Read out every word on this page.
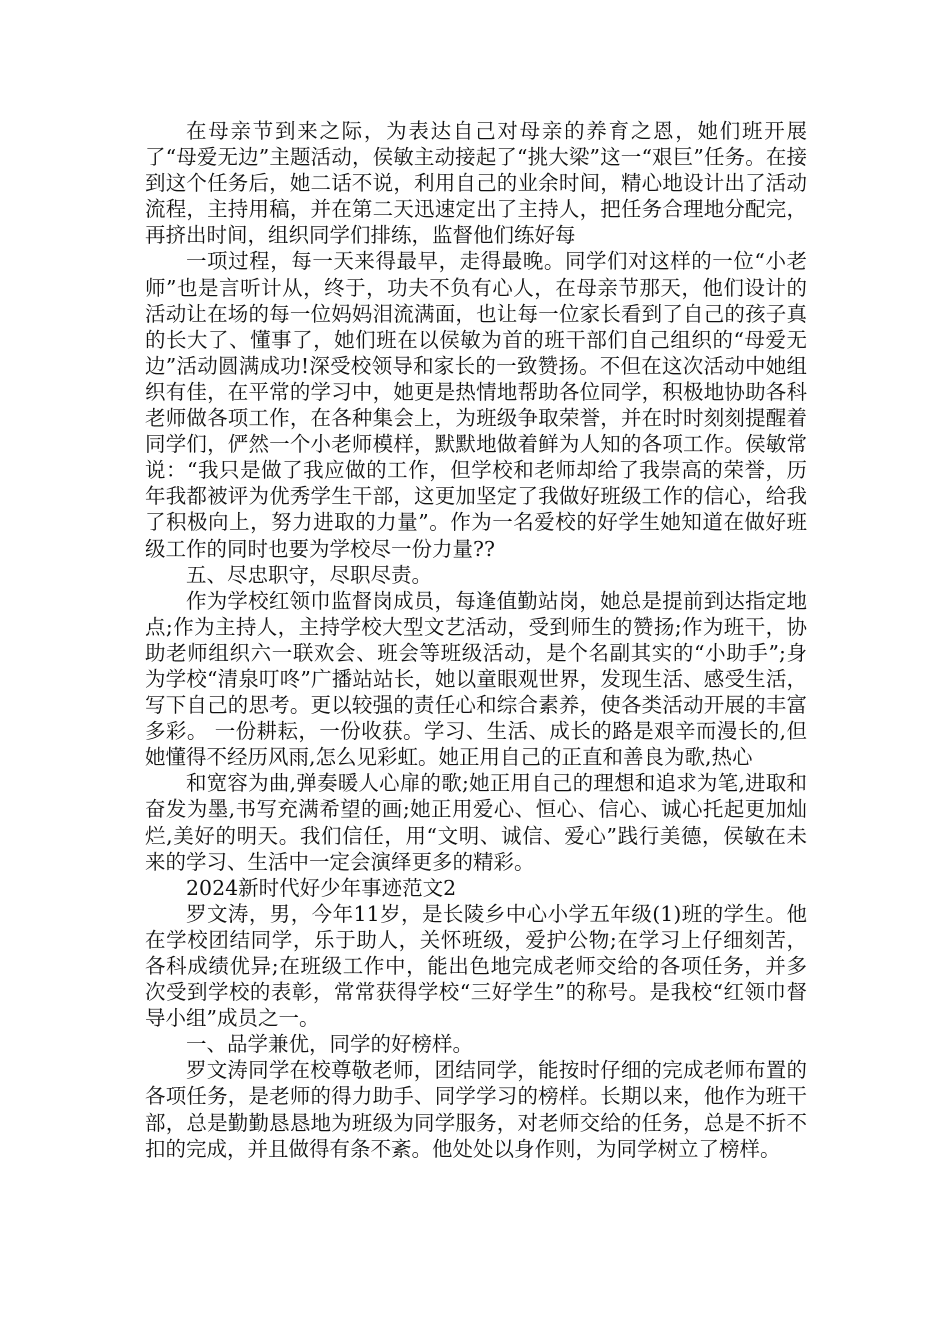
在母亲节到来之际，为表达自己对母亲的养育之恩，她们班开展了“母爱无边”主题活动，侯敏主动接起了“挑大梁”这一“艰巨”任务。在接到这个任务后，她二话不说，利用自己的业余时间，精心地设计出了活动流程，主持用稿，并在第二天迅速定出了主持人，把任务合理地分配完，再挤出时间，组织同学们排练，监督他们练好每

一项过程，每一天来得最早，走得最晚。同学们对这样的一位“小老师”也是言听计从，终于，功夫不负有心人，在母亲节那天，他们设计的活动让在场的每一位妈妈泪流满面，也让每一位家长看到了自己的孩子真的长大了、懂事了，她们班在以侯敏为首的班干部们自己组织的“母爱无边”活动圆满成功!深受校领导和家长的一致赞扬。不但在这次活动中她组织有佳，在平常的学习中，她更是热情地帮助各位同学，积极地协助各科老师做各项工作，在各种集会上，为班级争取荣誉，并在时时刻刻提醒着同学们，俨然一个小老师模样，默默地做着鲜为人知的各项工作。侯敏常说：“我只是做了我应做的工作，但学校和老师却给了我崇高的荣誉，历年我都被评为优秀学生干部，这更加坚定了我做好班级工作的信心，给我了积极向上，努力进取的力量”。作为一名爱校的好学生她知道在做好班级工作的同时也要为学校尽一份力量??

五、尽忠职守，尽职尽责。

作为学校红领巾监督岗成员，每逢值勤站岗，她总是提前到达指定地点;作为主持人，主持学校大型文艺活动，受到师生的赞扬;作为班干，协助老师组织六一联欢会、班会等班级活动，是个名副其实的“小助手”;身为学校“清泉叮咚”广播站站长，她以童眼观世界，发现生活、感受生活，写下自己的思考。更以较强的责任心和综合素养，使各类活动开展的丰富多彩。 一份耕耘，一份收获。学习、生活、成长的路是艰辛而漫长的,但她懂得不经历风雨,怎么见彩虹。她正用自己的正直和善良为歌,热心

和宽容为曲,弹奏暖人心扉的歌;她正用自己的理想和追求为笔,进取和奋发为墨,书写充满希望的画;她正用爱心、恒心、信心、诚心托起更加灿烂,美好的明天。我们信任，用“文明、诚信、爱心”践行美德，侯敏在未来的学习、生活中一定会演绎更多的精彩。

2024新时代好少年事迹范文2

罗文涛，男，今年11岁，是长陵乡中心小学五年级(1)班的学生。他在学校团结同学，乐于助人，关怀班级，爱护公物;在学习上仔细刻苦，各科成绩优异;在班级工作中，能出色地完成老师交给的各项任务，并多次受到学校的表彰，常常获得学校“三好学生”的称号。是我校“红领巾督导小组”成员之一。

一、品学兼优，同学的好榜样。

罗文涛同学在校尊敬老师，团结同学，能按时仔细的完成老师布置的各项任务，是老师的得力助手、同学学习的榜样。长期以来，他作为班干部，总是勤勤恳恳地为班级为同学服务，对老师交给的任务，总是不折不扣的完成，并且做得有条不紊。他处处以身作则，为同学树立了榜样。
